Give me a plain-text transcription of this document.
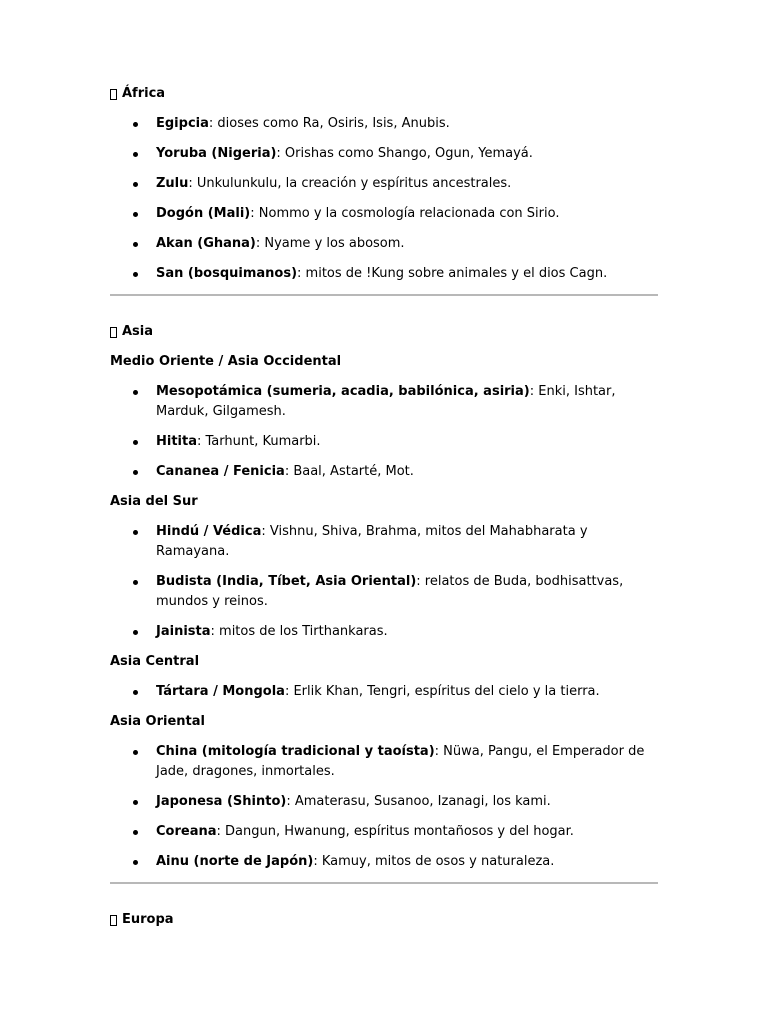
África
Egipcia: dioses como Ra, Osiris, Isis, Anubis.
Yoruba (Nigeria): Orishas como Shango, Ogun, Yemayá.
Zulu: Unkulunkulu, la creación y espíritus ancestrales.
Dogón (Mali): Nommo y la cosmología relacionada con Sirio.
Akan (Ghana): Nyame y los abosom.
San (bosquimanos): mitos de !Kung sobre animales y el dios Cagn.
Asia
Medio Oriente / Asia Occidental
Mesopotámica (sumeria, acadia, babilónica, asiria): Enki, Ishtar, Marduk, Gilgamesh.
Hitita: Tarhunt, Kumarbi.
Cananea / Fenicia: Baal, Astarté, Mot.
Asia del Sur
Hindú / Védica: Vishnu, Shiva, Brahma, mitos del Mahabharata y Ramayana.
Budista (India, Tíbet, Asia Oriental): relatos de Buda, bodhisattvas, mundos y reinos.
Jainista: mitos de los Tirthankaras.
Asia Central
Tártara / Mongola: Erlik Khan, Tengri, espíritus del cielo y la tierra.
Asia Oriental
China (mitología tradicional y taoísta): Nüwa, Pangu, el Emperador de Jade, dragones, inmortales.
Japonesa (Shinto): Amaterasu, Susanoo, Izanagi, los kami.
Coreana: Dangun, Hwanung, espíritus montañosos y del hogar.
Ainu (norte de Japón): Kamuy, mitos de osos y naturaleza.
Europa
